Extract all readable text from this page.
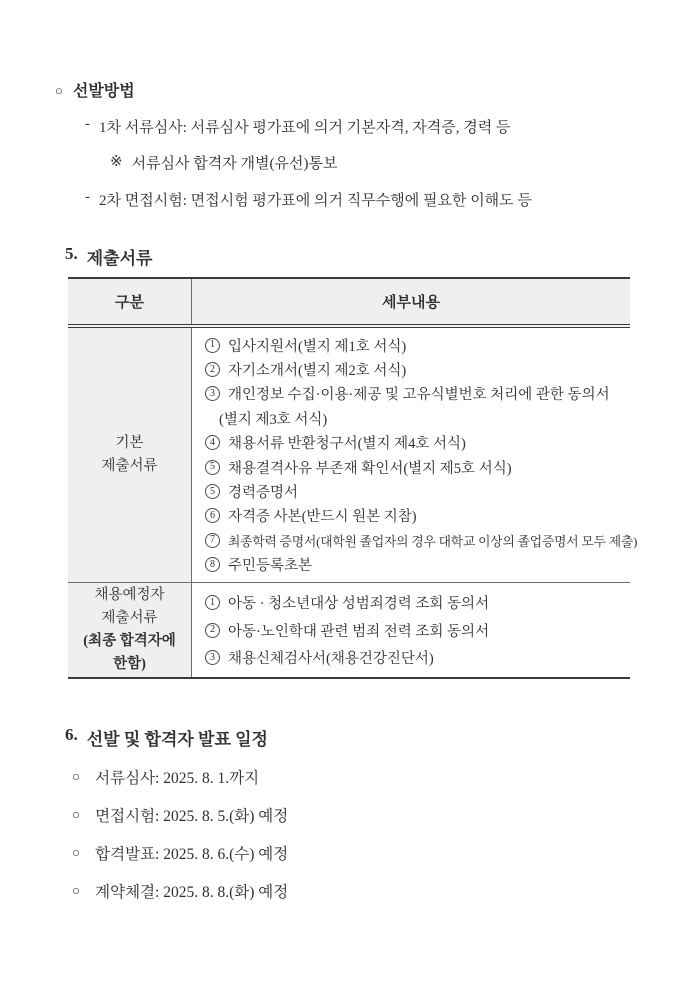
○ 선발방법
- 1차 서류심사: 서류심사 평가표에 의거 기본자격, 자격증, 경력 등
※ 서류심사 합격자 개별(유선)통보
- 2차 면접시험: 면접시험 평가표에 의거 직무수행에 필요한 이해도 등
5. 제출서류
구분	세부내용
기본
제출서류
1 입사지원서(별지 제1호 서식)
2 자기소개서(별지 제2호 서식)
3 개인정보 수집·이용·제공 및 고유식별번호 처리에 관한 동의서
(별지 제3호 서식)
4 채용서류 반환청구서(별지 제4호 서식)
5 채용결격사유 부존재 확인서(별지 제5호 서식)
5 경력증명서
6 자격증 사본(반드시 원본 지참)
7	최종학력 증명서(대학원 졸업자의 경우 대학교 이상의 졸업증명서 모두 제출)
8 주민등록초본
채용예정자
제출서류
(최종 합격자에
한함)
1 아동 · 청소년대상 성범죄경력 조회 동의서
2 아동·노인학대 관련 범죄 전력 조회 동의서
3 채용신체검사서(채용건강진단서)
6. 선발 및 합격자 발표 일정
○ 서류심사: 2025. 8. 1.까지
○ 면접시험: 2025. 8. 5.(화) 예정
○ 합격발표: 2025. 8. 6.(수) 예정
○ 계약체결: 2025. 8. 8.(화) 예정
